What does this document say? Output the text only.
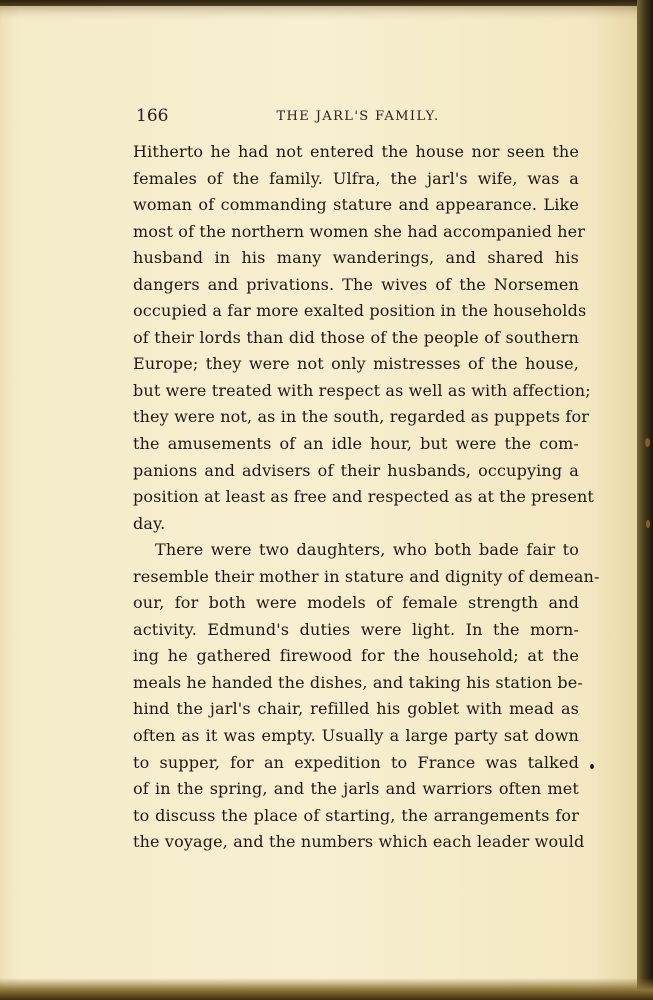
166	THE JARL'S FAMILY.
Hitherto he had not entered the house nor seen the
females of the family. Ulfra, the jarl's wife, was a
woman of commanding stature and appearance. Like
most of the northern women she had accompanied her
husband in his many wanderings, and shared his
dangers and privations. The wives of the Norsemen
occupied a far more exalted position in the households
of their lords than did those of the people of southern
Europe; they were not only mistresses of the house,
but were treated with respect as well as with affection;
they were not, as in the south, regarded as puppets for
the amusements of an idle hour, but were the com-
panions and advisers of their husbands, occupying a
position at least as free and respected as at the present
day.
There were two daughters, who both bade fair to
resemble their mother in stature and dignity of demean-
our, for both were models of female strength and
activity. Edmund's duties were light. In the morn-
ing he gathered firewood for the household; at the
meals he handed the dishes, and taking his station be-
hind the jarl's chair, refilled his goblet with mead as
often as it was empty. Usually a large party sat down
to supper, for an expedition to France was talked
of in the spring, and the jarls and warriors often met
to discuss the place of starting, the arrangements for
the voyage, and the numbers which each leader would
